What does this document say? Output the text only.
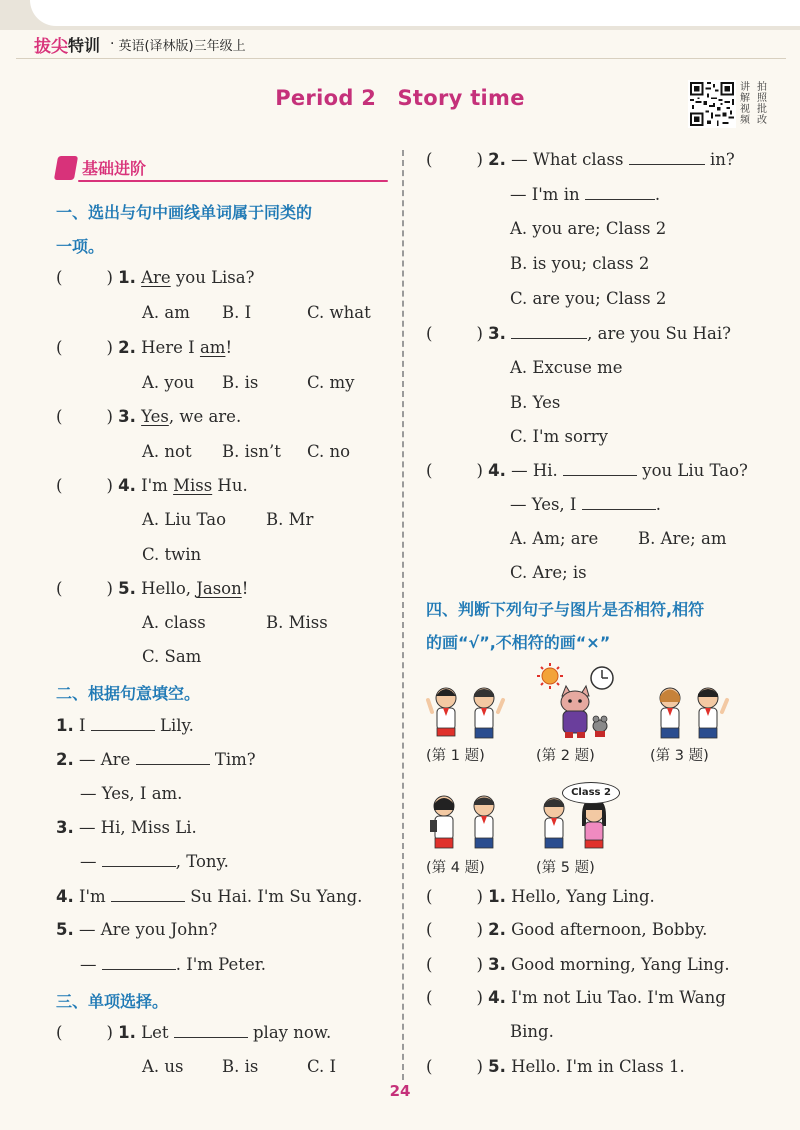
拔尖 特训 · 英语(译林版)三年级上
Period 2　Story time	讲 拍
解 照
视 批
频 改
基础进阶
一、选出与句中画线单词属于同类的
一项。
(	) 1. Are you Lisa?
A. am B. I	C. what
(	) 2. Here I am!
A. you B. is	C. my
(	) 3. Yes, we are.
A. not B. isn’t C. no
(	) 4. I'm Miss Hu.
A. Liu Tao B. Mr
C. twin
(	) 5. Hello, Jason!
A. class	B. Miss
C. Sam
二、根据句意填空。
1. I	Lily.
2. — Are	Tim?
— Yes, I am.
3. — Hi, Miss Li.
—	, Tony.
4. I'm	Su Hai. I'm Su Yang.
5. — Are you John?
—	. I'm Peter.
三、单项选择。
(	) 1. Let	play now.
A. us B. is	C. I
(	) 2. — What class	in?
— I'm in	.
A. you are; Class 2
B. is you; class 2
C. are you; Class 2
(	) 3.	, are you Su Hai?
A. Excuse me
B. Yes
C. I'm sorry
(	) 4. — Hi.	you Liu Tao?
— Yes, I	.
A. Am; are B. Are; am
C. Are; is
四、判断下列句子与图片是否相符,相符
的画“√”,不相符的画“×”
(第 1 题)	(第 2 题)	(第 3 题)
(第 4 题)
Class 2
(第 5 题)
(	) 1. Hello, Yang Ling.
(	) 2. Good afternoon, Bobby.
(	) 3. Good morning, Yang Ling.
(	) 4. I'm not Liu Tao. I'm Wang
Bing.
(	) 5. Hello. I'm in Class 1.
24
